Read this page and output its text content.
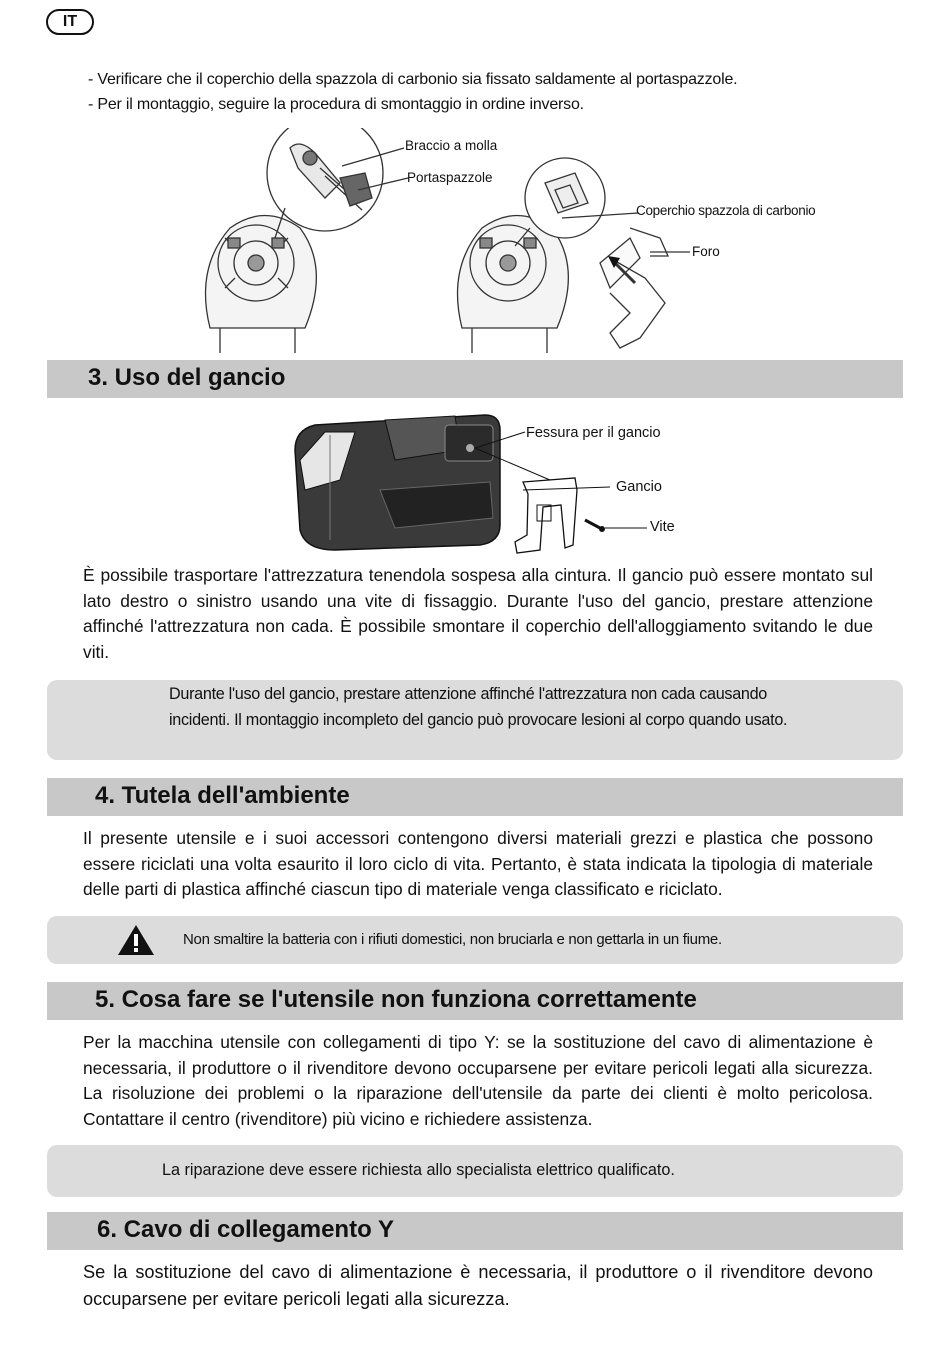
IT
- Verificare che il coperchio della spazzola di carbonio sia fissato saldamente al portaspazzole.
- Per il montaggio, seguire la procedura di smontaggio in ordine inverso.
Braccio a molla
Portaspazzole
Coperchio spazzola di carbonio
Foro
3. Uso del gancio
Fessura per il gancio
Gancio
Vite
È possibile trasportare l'attrezzatura tenendola sospesa alla cintura. Il gancio può essere montato sul lato destro o sinistro usando una vite di fissaggio. Durante l'uso del gancio, prestare attenzione affinché l'attrezzatura non cada. È possibile smontare il coperchio dell'alloggiamento svitando le due viti.
Durante l'uso del gancio, prestare attenzione affinché l'attrezzatura non cada causando incidenti. Il montaggio incompleto del gancio può provocare lesioni al corpo quando usato.
4. Tutela dell'ambiente
Il presente utensile e i suoi accessori contengono diversi materiali grezzi e plastica che possono essere riciclati una volta esaurito il loro ciclo di vita. Pertanto, è stata indicata la tipologia di materiale delle parti di plastica affinché ciascun tipo di materiale venga classificato e riciclato.
Non smaltire la batteria con i rifiuti domestici, non bruciarla e non gettarla in un fiume.
5. Cosa fare se l'utensile non funziona correttamente
Per la macchina utensile con collegamenti di tipo Y: se la sostituzione del cavo di alimentazione è necessaria, il produttore o il rivenditore devono occuparsene per evitare pericoli legati alla sicurezza. La risoluzione dei problemi o la riparazione dell'utensile da parte dei clienti è molto pericolosa. Contattare il centro (rivenditore) più vicino e richiedere assistenza.
La riparazione deve essere richiesta allo specialista elettrico qualificato.
6. Cavo di collegamento Y
Se la sostituzione del cavo di alimentazione è necessaria, il produttore o il rivenditore devono occuparsene per evitare pericoli legati alla sicurezza.
